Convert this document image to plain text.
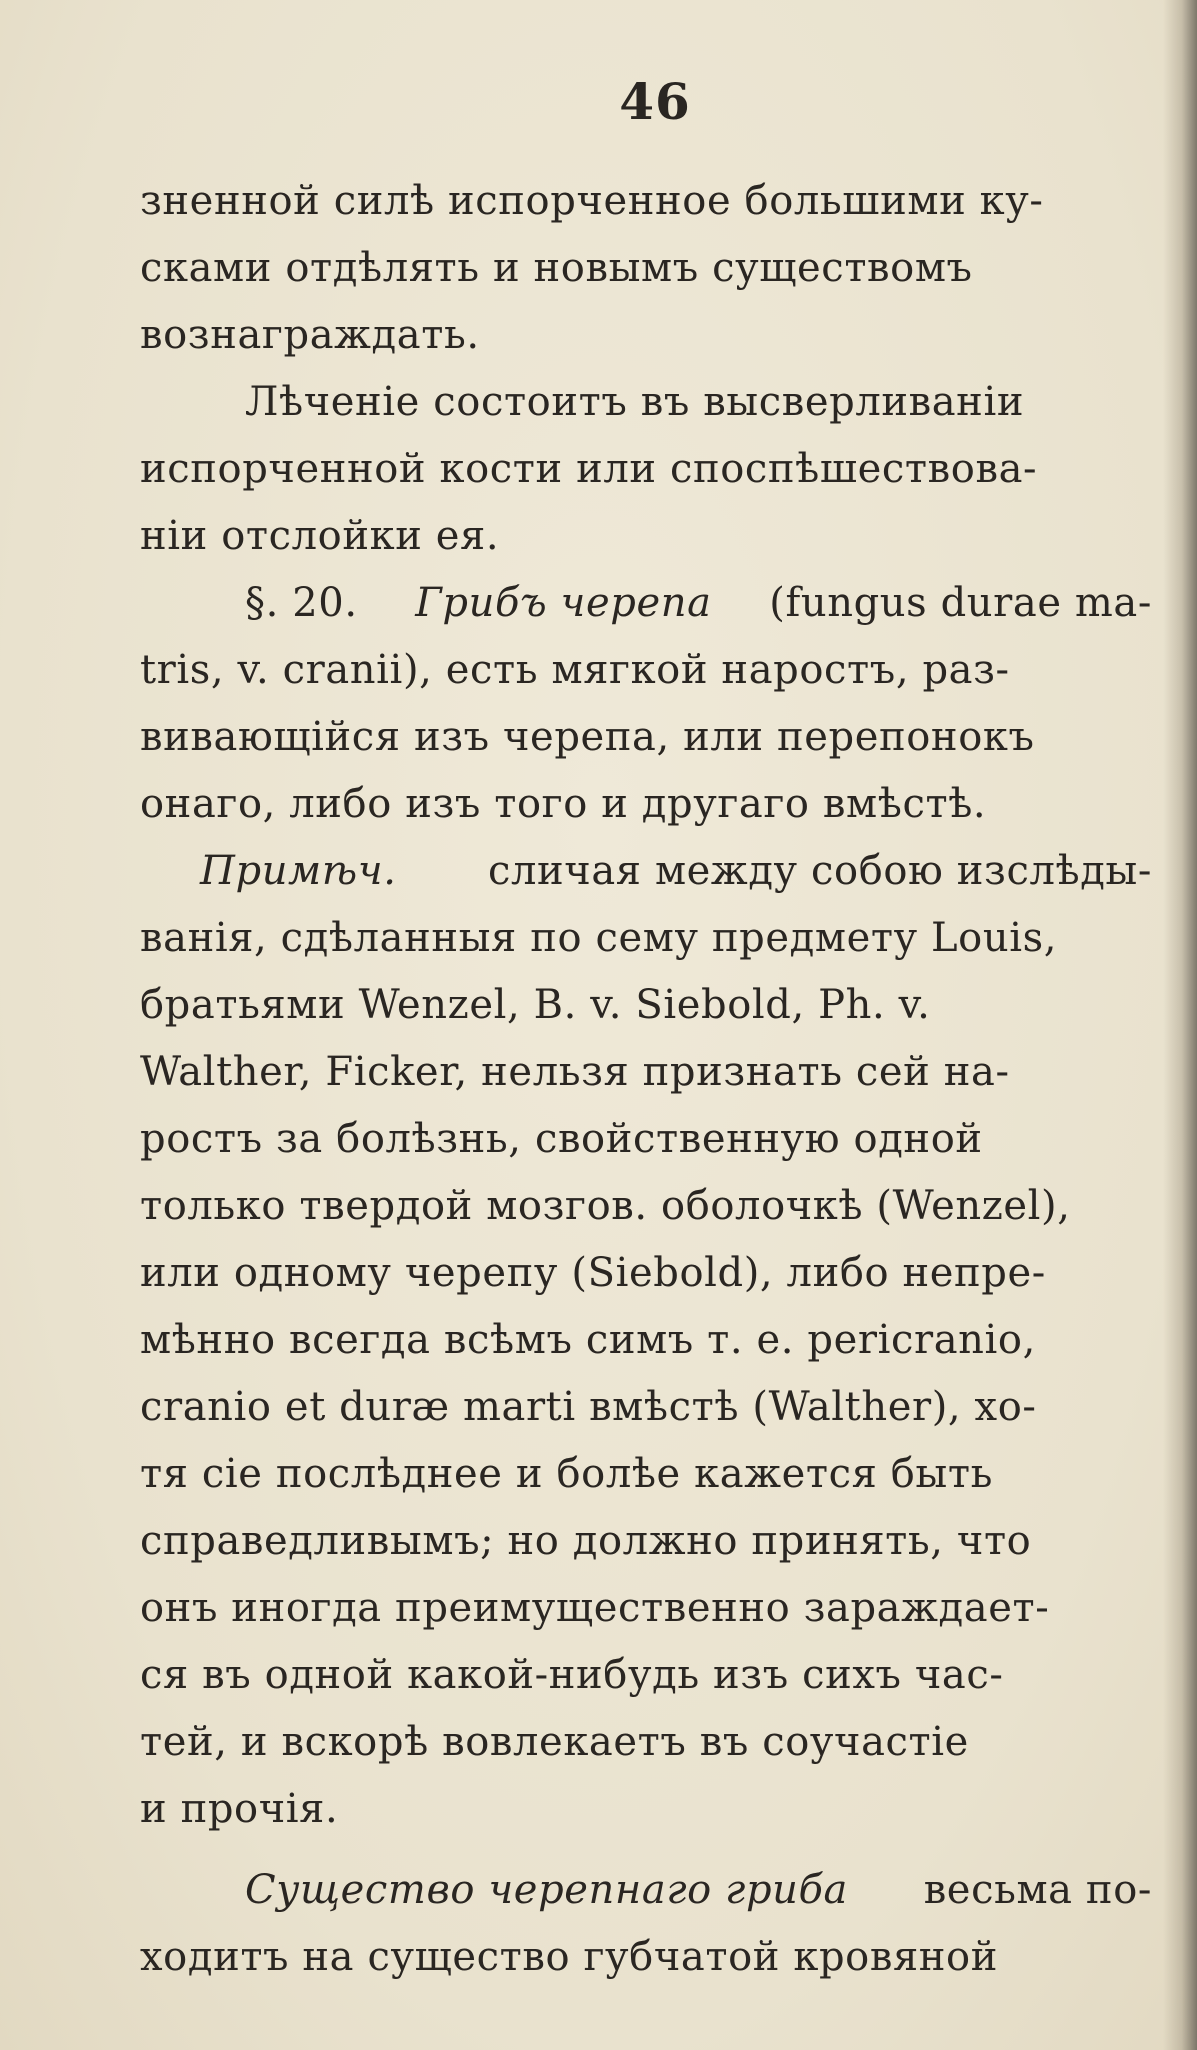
46
зненной силѣ испорченное большими ку-
сками отдѣлять и новымъ существомъ
вознаграждать.
Лѣченіе состоитъ въ высверливаніи
испорченной кости или споспѣшествова-
ніи отслойки ея.
§. 20. Грибъ черепа (fungus durae ma-
tris, v. cranii), есть мягкой наростъ, раз-
вивающійся изъ черепа, или перепонокъ
онаго, либо изъ того и другаго вмѣстѣ.
Примѣч. сличая между собою изслѣды-
ванія, сдѣланныя по сему предмету Louis,
братьями Wenzel, B. v. Siebold, Ph. v.
Walther, Ficker, нельзя признать сей на-
ростъ за болѣзнь, свойственную одной
только твердой мозгов. оболочкѣ (Wenzel),
или одному черепу (Siebold), либо непре-
мѣнно всегда всѣмъ симъ т. е. pericranio,
cranio et duræ marti вмѣстѣ (Walther), хо-
тя сіе послѣднее и болѣе кажется быть
справедливымъ; но должно принять, что
онъ иногда преимущественно зараждает-
ся въ одной какой-нибудь изъ сихъ час-
тей, и вскорѣ вовлекаетъ въ соучастіе
и прочія.
Существо черепнаго гриба весьма по-
ходитъ на существо губчатой кровяной
